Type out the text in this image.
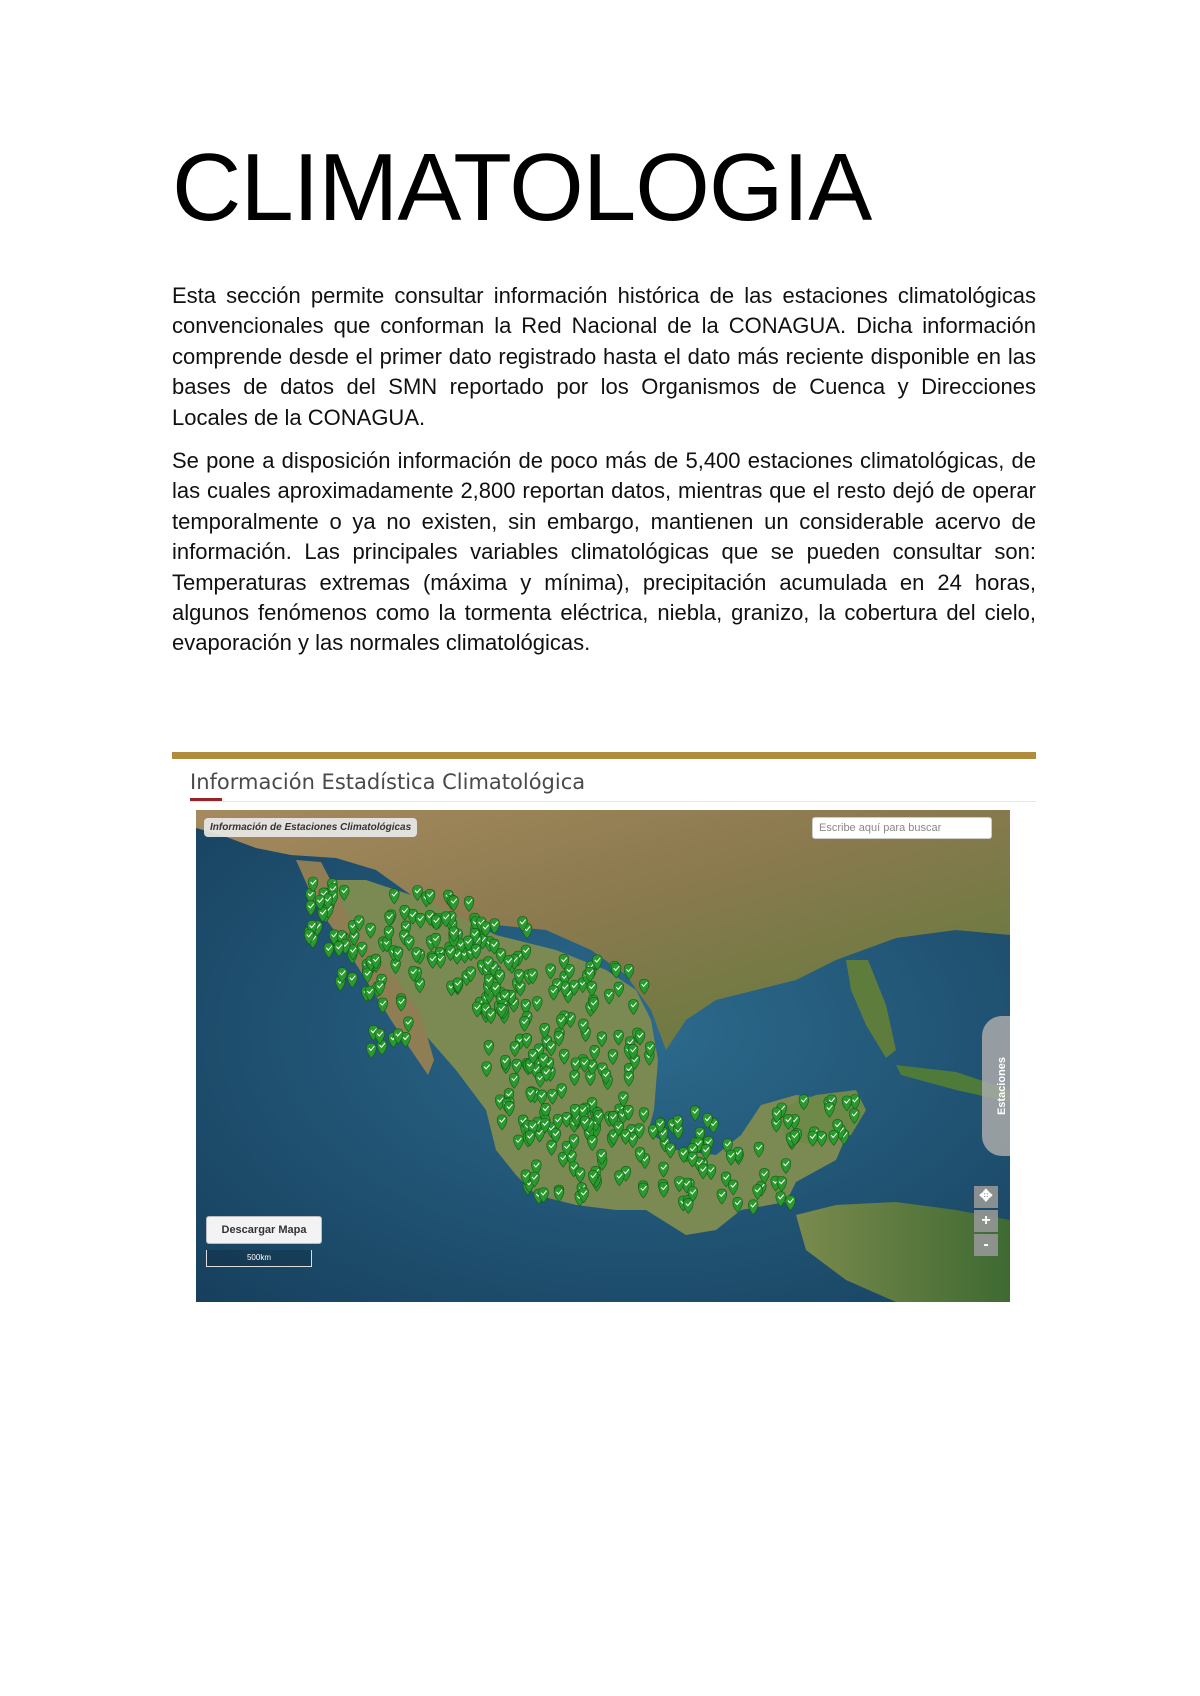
CLIMATOLOGIA

Esta sección permite consultar información histórica de las estaciones climatológicas convencionales que conforman la Red Nacional de la CONAGUA. Dicha información comprende desde el primer dato registrado hasta el dato más reciente disponible en las bases de datos del SMN reportado por los Organismos de Cuenca y Direcciones Locales de la CONAGUA.

Se pone a disposición información de poco más de 5,400 estaciones climatológicas, de las cuales aproximadamente 2,800 reportan datos, mientras que el resto dejó de operar temporalmente o ya no existen, sin embargo, mantienen un considerable acervo de información. Las principales variables climatológicas que se pueden consultar son: Temperaturas extremas (máxima y mínima), precipitación acumulada en 24 horas, algunos fenómenos como la tormenta eléctrica, niebla, granizo, la cobertura del cielo, evaporación y las normales climatológicas.

Información Estadística Climatológica
Información de Estaciones Climatológicas
Escribe aquí para buscar
Estaciones
✥
+
-
Descargar Mapa
500km
